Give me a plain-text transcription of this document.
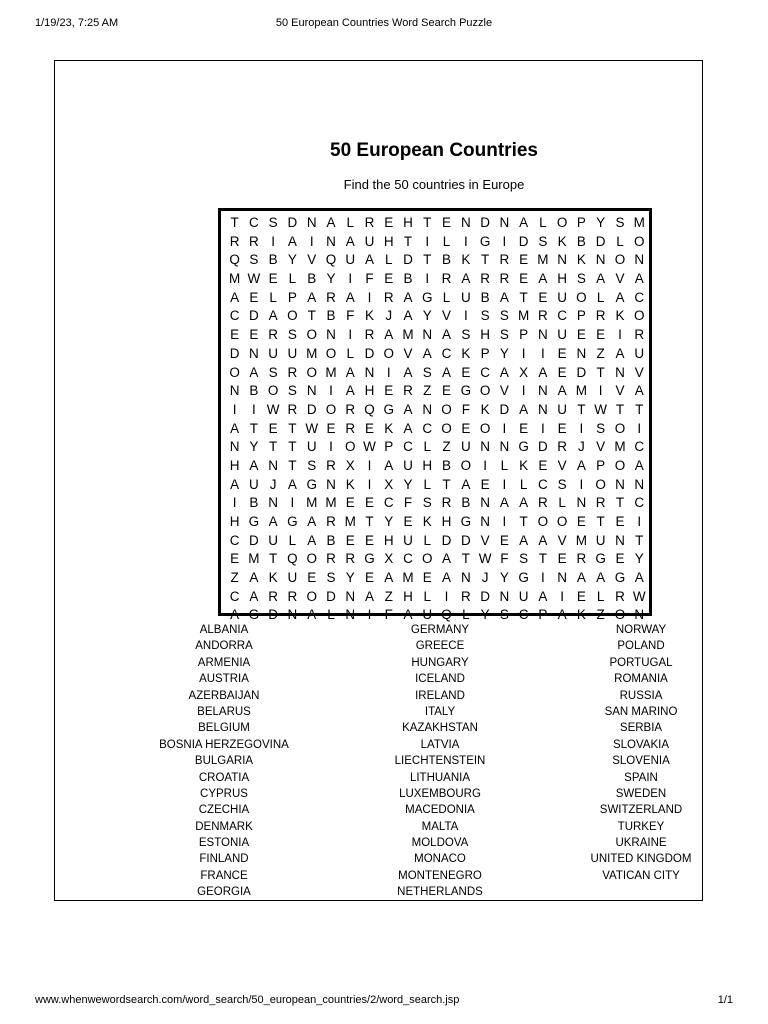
1/19/23, 7:25 AM	50 European Countries Word Search Puzzle
50 European Countries
Find the 50 countries in Europe
T C S D N A L R E H T E N D N A L O P Y S M
R R I A I N A U H T I	L	I G I D S K B D L O
Q S B Y V Q U A L D T B K T R E M N K N O N
M W E L B Y I F E B I R A R R E A H S A V A
A E L P A R A I R A G L U B A T E U O L A C
C D A O T B F K J A Y V I S S M R C P R K O
E E R S O N I R A M N A S H S P N U E E I R
D N U U M O L D O V A C K P Y I	I E N Z A U
O A S R O M A N I A S A E C A X A E D T N V
N B O S N I A H E R Z E G O V I N A M I V A
I	I W R D O R Q G A N O F K D A N U T W T T
A T E T W E R E K A C O E O I E I E I S O I
N Y T T U I O W P C L Z U N N G D R J V M C
H A N T S R X I A U H B O I	L K E V A P O A
A U J A G N K I X Y L T A E I	L C S I O N N
I B N I M M E E C F S R B N A A R L N R T C
H G A G A R M T Y E K H G N I T O O E T E I
C D U L A B E E H U L D D V E A A V M U N T
E M T Q O R R G X C O A T W F S T E R G E Y
Z A K U E S Y E A M E A N J Y G I N A A G A
C A R R O D N A Z H L	I R D N U A I E L R W
A G D N A L N I F A U Q L Y S C P A K Z O N
ALBANIA
ANDORRA
ARMENIA
AUSTRIA
AZERBAIJAN
BELARUS
BELGIUM
BOSNIA HERZEGOVINA
BULGARIA
CROATIA
CYPRUS
CZECHIA
DENMARK
ESTONIA
FINLAND
FRANCE
GEORGIA
GERMANY
GREECE
HUNGARY
ICELAND
IRELAND
ITALY
KAZAKHSTAN
LATVIA
LIECHTENSTEIN
LITHUANIA
LUXEMBOURG
MACEDONIA
MALTA
MOLDOVA
MONACO
MONTENEGRO
NETHERLANDS
NORWAY
POLAND
PORTUGAL
ROMANIA
RUSSIA
SAN MARINO
SERBIA
SLOVAKIA
SLOVENIA
SPAIN
SWEDEN
SWITZERLAND
TURKEY
UKRAINE
UNITED KINGDOM
VATICAN CITY
www.whenwewordsearch.com/word_search/50_european_countries/2/word_search.jsp	1/1
